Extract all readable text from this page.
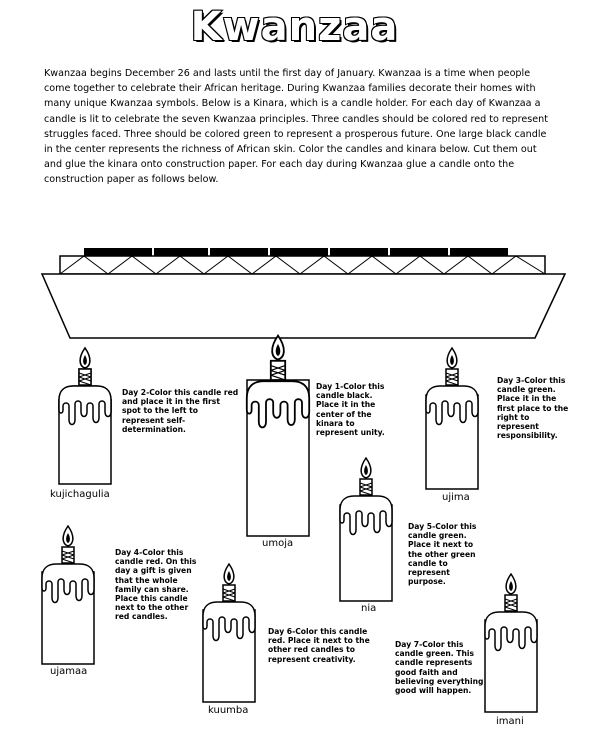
Kwanzaa
Kwanzaa begins December 26 and lasts until the first day of January. Kwanzaa is a time when people come together to celebrate their African heritage. During Kwanzaa families decorate their homes with many unique Kwanzaa symbols. Below is a Kinara, which is a candle holder. For each day of Kwanzaa a candle is lit to celebrate the seven Kwanzaa principles. Three candles should be colored red to represent struggles faced. Three should be colored green to represent a prosperous future. One large black candle in the center represents the richness of African skin. Color the candles and kinara below. Cut them out and glue the kinara onto construction paper. For each day during Kwanzaa glue a candle onto the construction paper as follows below.
kujichagulia
umoja
ujima
nia
ujamaa
kuumba
imani
Day 2-Color this candle red and place it in the first spot to the left to represent self-determination.
Day 1-Color this candle black. Place it in the center of the kinara to represent unity.
Day 3-Color this candle green. Place it in the first place to the right to represent responsibility.
Day 5-Color this candle green. Place it next to the other green candle to represent purpose.
Day 4-Color this candle red. On this day a gift is given that the whole family can share. Place this candle next to the other red candles.
Day 6-Color this candle red. Place it next to the other red candles to represent creativity.
Day 7-Color this candle green. This candle represents good faith and believing everything good will happen.
